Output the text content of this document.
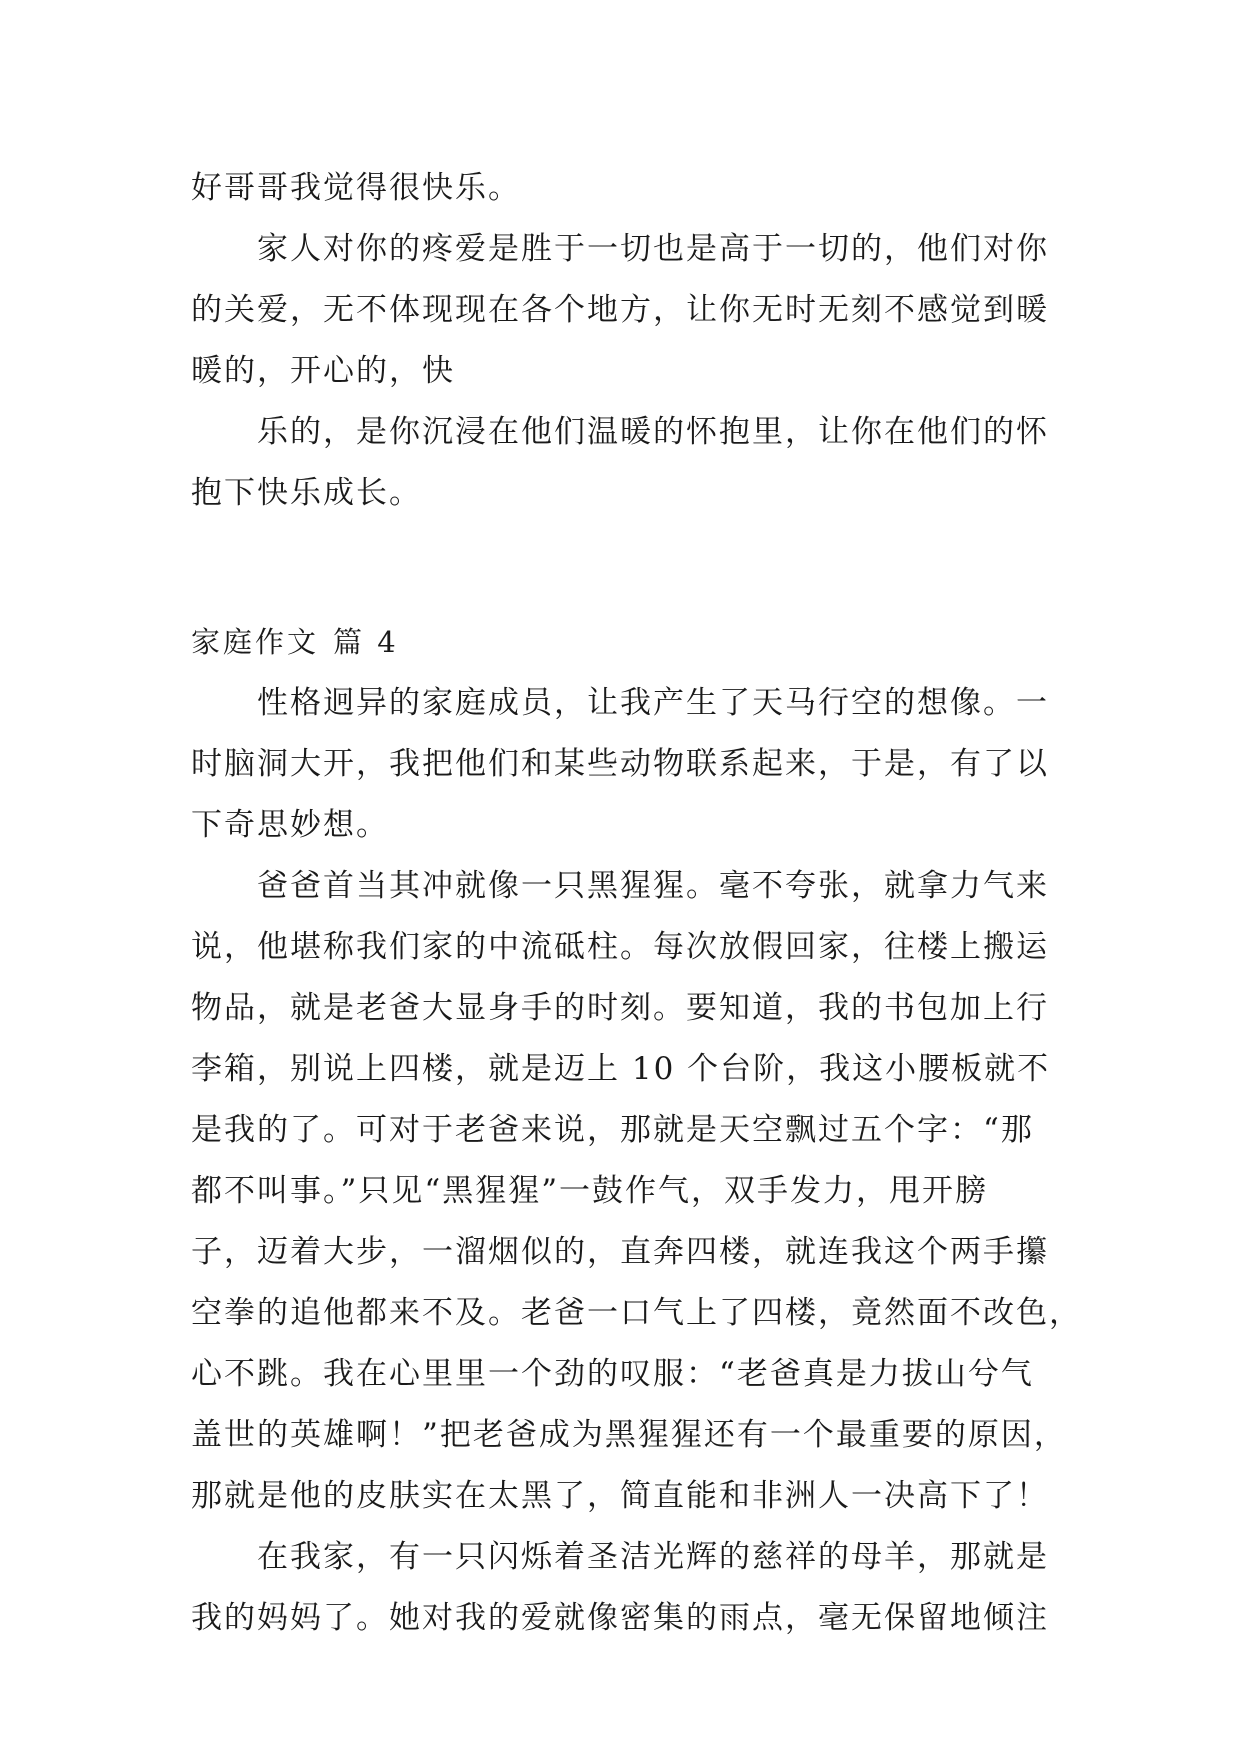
好哥哥我觉得很快乐。
家人对你的疼爱是胜于一切也是高于一切的，他们对你
的关爱，无不体现现在各个地方，让你无时无刻不感觉到暖
暖的，开心的，快
乐的，是你沉浸在他们温暖的怀抱里，让你在他们的怀
抱下快乐成长。
家庭作文 篇 4
性格迥异的家庭成员，让我产生了天马行空的想像。一
时脑洞大开，我把他们和某些动物联系起来，于是，有了以
下奇思妙想。
爸爸首当其冲就像一只黑猩猩。毫不夸张，就拿力气来
说，他堪称我们家的中流砥柱。每次放假回家，往楼上搬运
物品，就是老爸大显身手的时刻。要知道，我的书包加上行
李箱，别说上四楼，就是迈上 10 个台阶，我这小腰板就不
是我的了。可对于老爸来说，那就是天空飘过五个字：“那
都不叫事。”只见“黑猩猩”一鼓作气，双手发力，甩开膀
子，迈着大步，一溜烟似的，直奔四楼，就连我这个两手攥
空拳的追他都来不及。老爸一口气上了四楼，竟然面不改色，
心不跳。我在心里里一个劲的叹服：“老爸真是力拔山兮气
盖世的英雄啊！”把老爸成为黑猩猩还有一个最重要的原因，
那就是他的皮肤实在太黑了，简直能和非洲人一决高下了！
在我家，有一只闪烁着圣洁光辉的慈祥的母羊，那就是
我的妈妈了。她对我的爱就像密集的雨点，毫无保留地倾注
